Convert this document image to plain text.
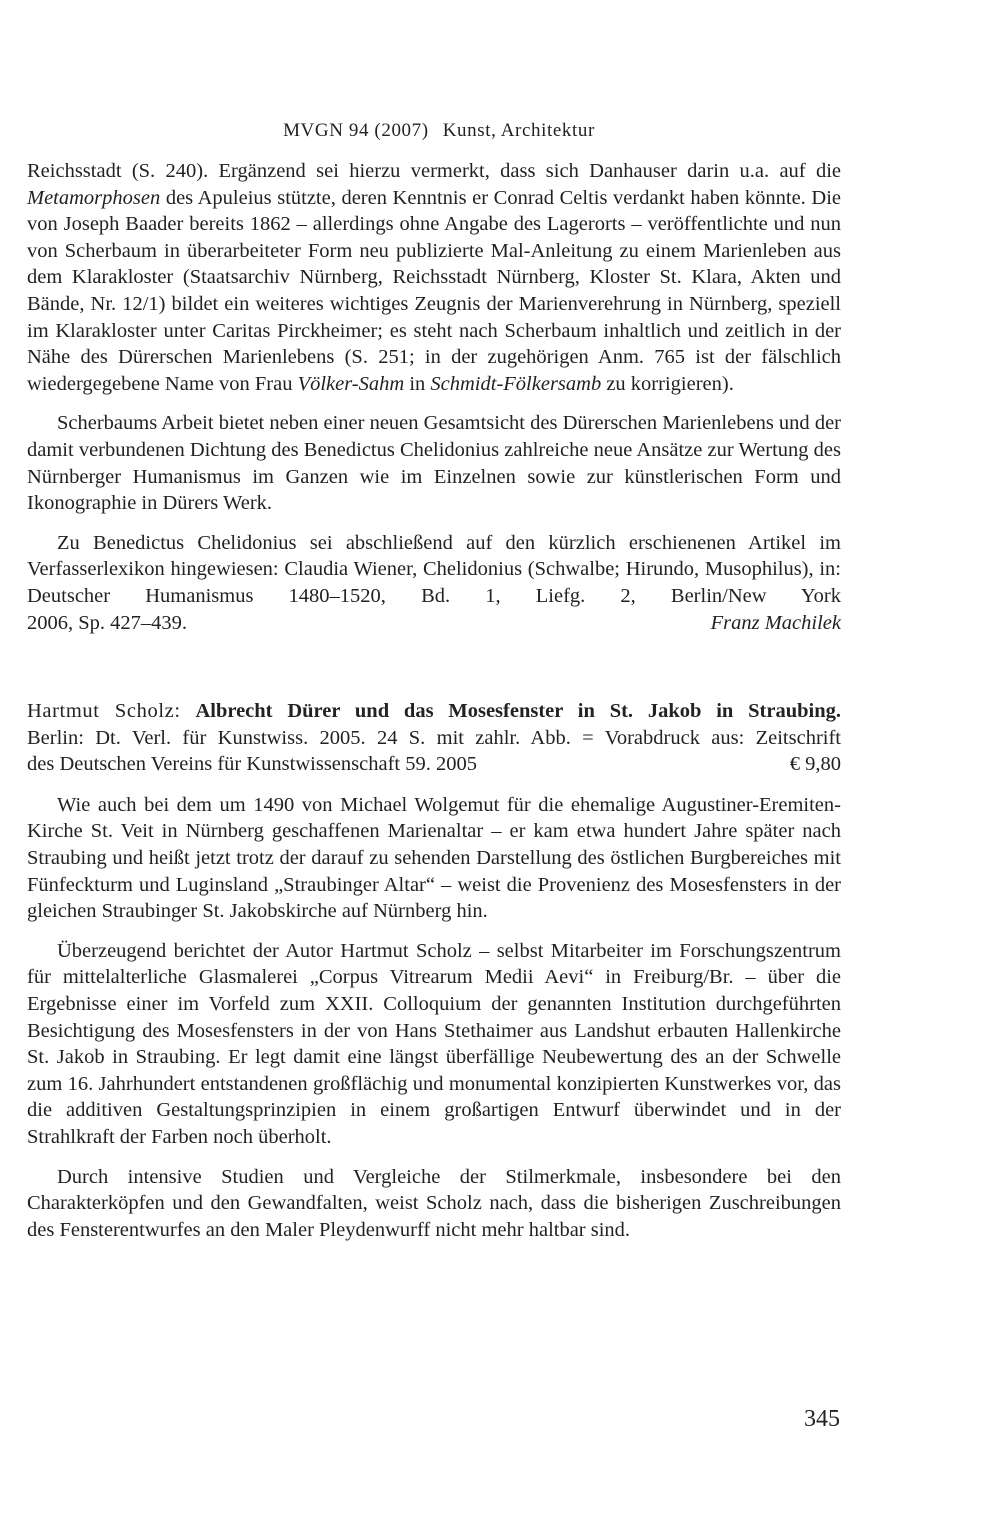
MVGN 94 (2007) Kunst, Architektur

Reichsstadt (S. 240). Ergänzend sei hierzu vermerkt, dass sich Danhauser darin u.a. auf die Metamorphosen des Apuleius stützte, deren Kenntnis er Conrad Celtis verdankt haben könnte. Die von Joseph Baader bereits 1862 – allerdings ohne Angabe des Lagerorts – veröffentlichte und nun von Scherbaum in überarbeiteter Form neu publizierte Mal-Anleitung zu einem Marienleben aus dem Klarakloster (Staatsarchiv Nürnberg, Reichsstadt Nürnberg, Kloster St. Klara, Akten und Bände, Nr. 12/1) bildet ein weiteres wichtiges Zeugnis der Marienverehrung in Nürnberg, speziell im Klarakloster unter Caritas Pirckheimer; es steht nach Scherbaum inhaltlich und zeitlich in der Nähe des Dürerschen Marienlebens (S. 251; in der zugehörigen Anm. 765 ist der fälschlich wiedergegebene Name von Frau Völker-Sahm in Schmidt-Fölkersamb zu korrigieren).

Scherbaums Arbeit bietet neben einer neuen Gesamtsicht des Dürerschen Marienlebens und der damit verbundenen Dichtung des Benedictus Chelidonius zahlreiche neue Ansätze zur Wertung des Nürnberger Humanismus im Ganzen wie im Einzelnen sowie zur künstlerischen Form und Ikonographie in Dürers Werk.

Zu Benedictus Chelidonius sei abschließend auf den kürzlich erschienenen Artikel im Verfasserlexikon hingewiesen: Claudia Wiener, Chelidonius (Schwalbe; Hirundo, Musophilus), in: Deutscher Humanismus 1480–1520, Bd. 1, Liefg. 2, Berlin/New York

2006, Sp. 427–439.	Franz Machilek
Hartmut Scholz: Albrecht Dürer und das Mosesfenster in St. Jakob in Straubing.
Berlin: Dt. Verl. für Kunstwiss. 2005. 24 S. mit zahlr. Abb. = Vorabdruck aus: Zeitschrift
des Deutschen Vereins für Kunstwissenschaft 59. 2005	€ 9,80

Wie auch bei dem um 1490 von Michael Wolgemut für die ehemalige Augustiner-Eremiten-Kirche St. Veit in Nürnberg geschaffenen Marienaltar – er kam etwa hundert Jahre später nach Straubing und heißt jetzt trotz der darauf zu sehenden Darstellung des östlichen Burgbereiches mit Fünfeckturm und Luginsland „Straubinger Altar“ – weist die Provenienz des Mosesfensters in der gleichen Straubinger St. Jakobskirche auf Nürnberg hin.

Überzeugend berichtet der Autor Hartmut Scholz – selbst Mitarbeiter im Forschungszentrum für mittelalterliche Glasmalerei „Corpus Vitrearum Medii Aevi“ in Freiburg/Br. – über die Ergebnisse einer im Vorfeld zum XXII. Colloquium der genannten Institution durchgeführten Besichtigung des Mosesfensters in der von Hans Stethaimer aus Landshut erbauten Hallenkirche St. Jakob in Straubing. Er legt damit eine längst überfällige Neubewertung des an der Schwelle zum 16. Jahrhundert entstandenen großflächig und monumental konzipierten Kunstwerkes vor, das die additiven Gestaltungsprinzipien in einem großartigen Entwurf überwindet und in der Strahlkraft der Farben noch überholt.

Durch intensive Studien und Vergleiche der Stilmerkmale, insbesondere bei den Charakterköpfen und den Gewandfalten, weist Scholz nach, dass die bisherigen Zuschreibungen des Fensterentwurfes an den Maler Pleydenwurff nicht mehr haltbar sind.

345
